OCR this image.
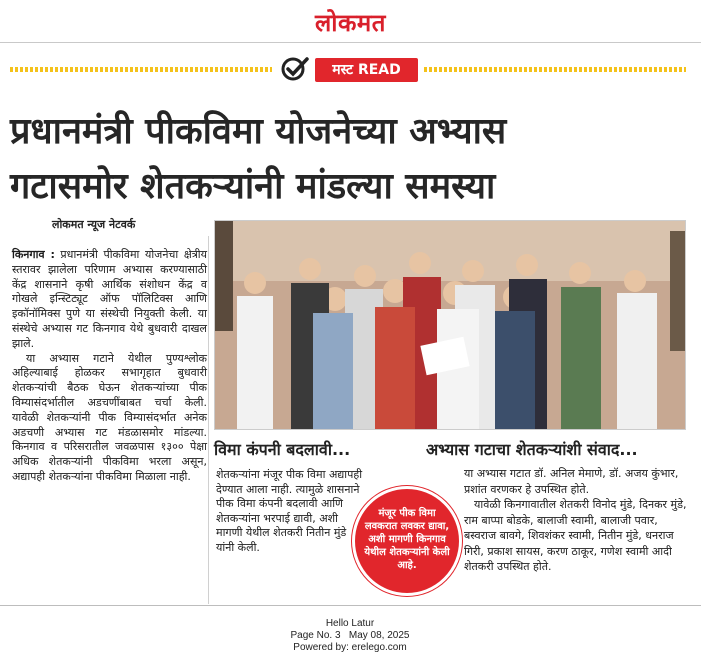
लोकमत
मस्ट READ
प्रधानमंत्री पीकविमा योजनेच्या अभ्यास
गटासमोर शेतकऱ्यांनी मांडल्या समस्या
लोकमत न्यूज नेटवर्क

किनगाव : प्रधानमंत्री पीकविमा योजनेचा क्षेत्रीय स्तरावर झालेला परिणाम अभ्यास करण्यासाठी केंद्र शासनाने कृषी आर्थिक संशोधन केंद्र व गोखले इन्स्टिट्यूट ऑफ पॉलिटिक्स आणि इकॉनॉमिक्स पुणे या संस्थेची नियुक्ती केली. या संस्थेचे अभ्यास गट किनगाव येथे बुधवारी दाखल झाले.

या अभ्यास गटाने येथील पुण्यश्लोक अहिल्याबाई होळकर सभागृहात बुधवारी शेतकऱ्यांची बैठक घेऊन शेतकऱ्यांच्या पीक विम्यासंदर्भातील अडचणींबाबत चर्चा केली. यावेळी शेतकऱ्यांनी पीक विम्यासंदर्भात अनेक अडचणी अभ्यास गट मंडळासमोर मांडल्या. किनगाव व परिसरातील जवळपास १३०० पेक्षा अधिक शेतकऱ्यांनी पीकविमा भरला असून, अद्यापही शेतकऱ्यांना पीकविमा मिळाला नाही.

विमा कंपनी बदलावी...	अभ्यास गटाचा शेतकऱ्यांशी संवाद...
शेतकऱ्यांना मंजूर पीक विमा अद्यापही देण्यात आला नाही. त्यामुळे शासनाने पीक विमा कंपनी बदलावी आणि शेतकऱ्यांना भरपाई द्यावी, अशी मागणी येथील शेतकरी नितीन मुंडे यांनी केली.

या अभ्यास गटात डॉ. अनिल मेमाणे, डॉ. अजय कुंभार, प्रशांत वरणकर हे उपस्थित होते.

यावेळी किनगावातील शेतकरी विनोद मुंडे, दिनकर मुंडे, राम बाप्पा बोडके, बालाजी स्वामी, बालाजी पवार, बस्वराज बावगे, शिवशंकर स्वामी, नितीन मुंडे, धनराज गिरी, प्रकाश सायस, करण ठाकूर, गणेश स्वामी आदी शेतकरी उपस्थित होते.

मंजूर पीक विमा लवकरात लवकर द्यावा, अशी मागणी किनगाव येथील शेतकऱ्यांनी केली आहे.
Hello Latur
Page No. 3 May 08, 2025
Powered by: erelego.com
